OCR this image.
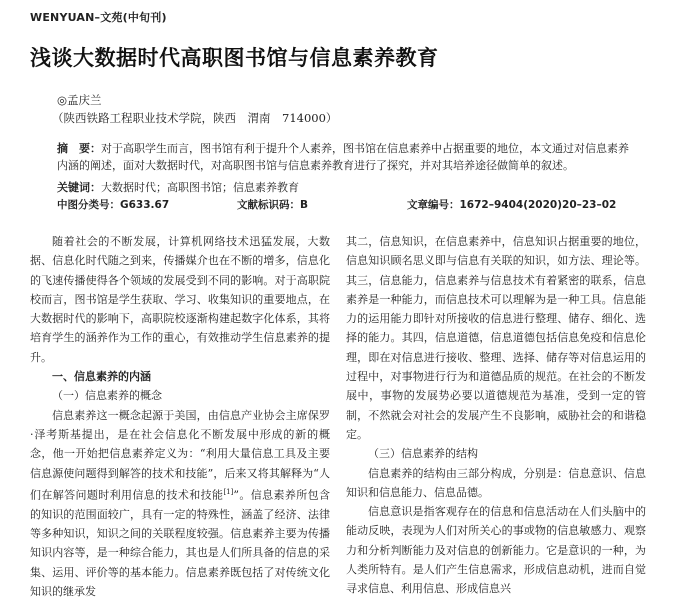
WENYUAN–文苑(中旬刊)
浅谈大数据时代高职图书馆与信息素养教育
◎孟庆兰
（陕西铁路工程职业技术学院，陕西　渭南　714000）
摘　要：对于高职学生而言，图书馆有利于提升个人素养，图书馆在信息素养中占据重要的地位，本文通过对信息素养内涵的阐述，面对大数据时代，对高职图书馆与信息素养教育进行了探究，并对其培养途径做简单的叙述。
关键词：大数据时代；高职图书馆；信息素养教育
中图分类号：G633.67	文献标识码：B	文章编号：1672–9404(2020)20–23–02

随着社会的不断发展，计算机网络技术迅猛发展，大数据、信息化时代随之到来，传播媒介也在不断的增多，信息化的飞速传播使得各个领域的发展受到不同的影响。对于高职院校而言，图书馆是学生获取、学习、收集知识的重要地点，在大数据时代的影响下，高职院校逐渐构建起数字化体系，其将培育学生的涵养作为工作的重心，有效推动学生信息素养的提升。

一、信息素养的内涵
（一）信息素养的概念

信息素养这一概念起源于美国，由信息产业协会主席保罗·泽考斯基提出，是在社会信息化不断发展中形成的新的概念，他一开始把信息素养定义为：“利用大量信息工具及主要信息源使问题得到解答的技术和技能”，后来又将其解释为“人们在解答问题时利用信息的技术和技能[1]”。信息素养所包含的知识的范围面较广，具有一定的特殊性，涵盖了经济、法律等多种知识，知识之间的关联程度较强。信息素养主要为传播知识内容等，是一种综合能力，其也是人们所具备的信息的采集、运用、评价等的基本能力。信息素养既包括了对传统文化知识的继承发

其二，信息知识，在信息素养中，信息知识占据重要的地位，信息知识顾名思义即与信息有关联的知识，如方法、理论等。其三，信息能力，信息素养与信息技术有着紧密的联系，信息素养是一种能力，而信息技术可以理解为是一种工具。信息能力的运用能力即针对所接收的信息进行整理、储存、细化、选择的能力。其四，信息道德，信息道德包括信息免疫和信息伦理，即在对信息进行接收、整理、选择、储存等对信息运用的过程中，对事物进行行为和道德品质的规范。在社会的不断发展中，事物的发展势必要以道德规范为基准，受到一定的管制，不然就会对社会的发展产生不良影响，威胁社会的和谐稳定。

（三）信息素养的结构

信息素养的结构由三部分构成，分别是：信息意识、信息知识和信息能力、信息品德。

信息意识是指客观存在的信息和信息活动在人们头脑中的能动反映，表现为人们对所关心的事或物的信息敏感力、观察力和分析判断能力及对信息的创新能力。它是意识的一种，为人类所特有。是人们产生信息需求，形成信息动机，进而自觉寻求信息、利用信息、形成信息兴
